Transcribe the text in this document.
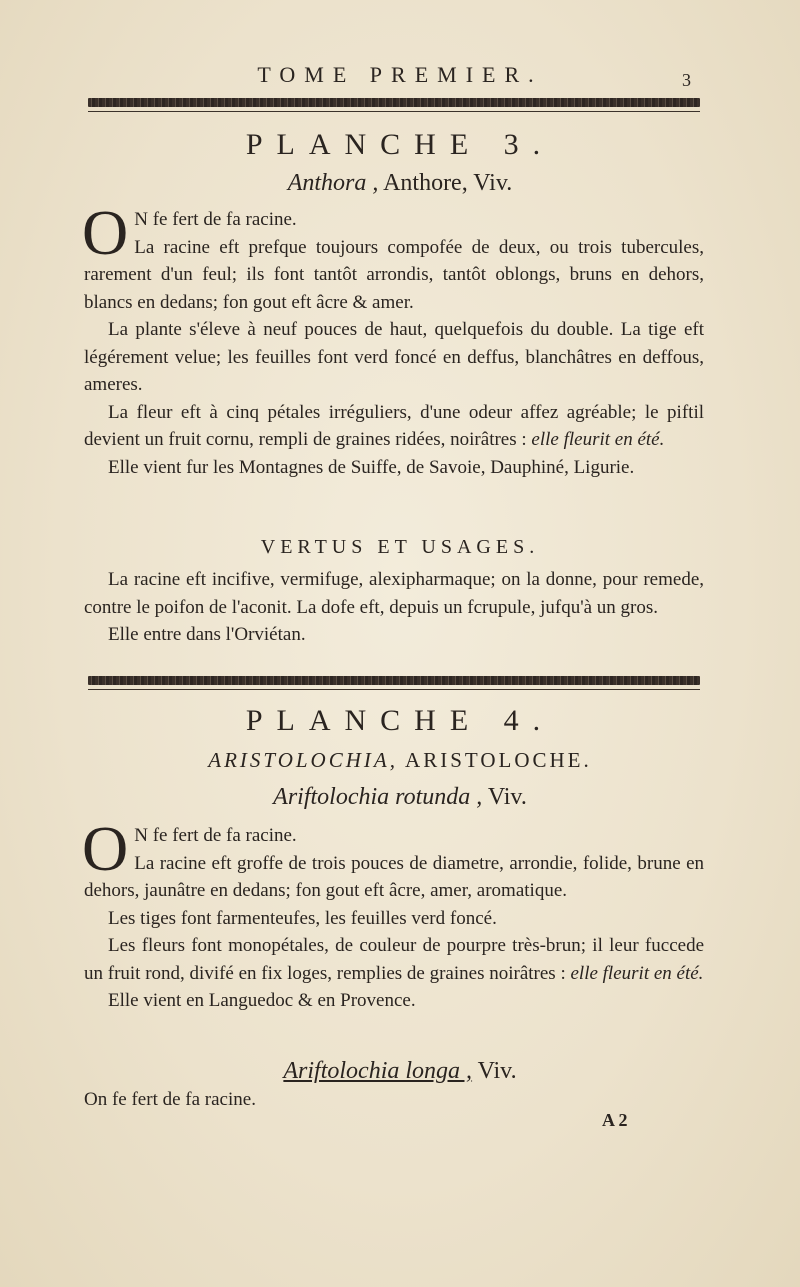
TOME PREMIER.	3
PLANCHE 3.
Anthora , Anthore, Viv.
O N fe fert de fa racine.

La racine eft prefque toujours compofée de deux, ou trois tubercules, rarement d'un feul; ils font tantôt arrondis, tantôt oblongs, bruns en dehors, blancs en dedans; fon gout eft âcre & amer.

La plante s'éleve à neuf pouces de haut, quelquefois du double. La tige eft légérement velue; les feuilles font verd foncé en deffus, blanchâtres en deffous, ameres.

La fleur eft à cinq pétales irréguliers, d'une odeur affez agréable; le piftil devient un fruit cornu, rempli de graines ridées, noirâtres : elle fleurit en été.

Elle vient fur les Montagnes de Suiffe, de Savoie, Dauphiné, Ligurie.

VERTUS ET USAGES.

La racine eft incifive, vermifuge, alexipharmaque; on la donne, pour remede, contre le poifon de l'aconit. La dofe eft, depuis un fcrupule, jufqu'à un gros.

Elle entre dans l'Orviétan.

PLANCHE 4.
ARISTOLOCHIA, ARISTOLOCHE.
Ariftolochia rotunda , Viv.
O N fe fert de fa racine.

La racine eft groffe de trois pouces de diametre, arrondie, folide, brune en dehors, jaunâtre en dedans; fon gout eft âcre, amer, aromatique.

Les tiges font farmenteufes, les feuilles verd foncé.

Les fleurs font monopétales, de couleur de pourpre très-brun; il leur fuccede un fruit rond, divifé en fix loges, remplies de graines noirâtres : elle fleurit en été.

Elle vient en Languedoc & en Provence.

Ariftolochia longa , Viv.

On fe fert de fa racine.

A 2
